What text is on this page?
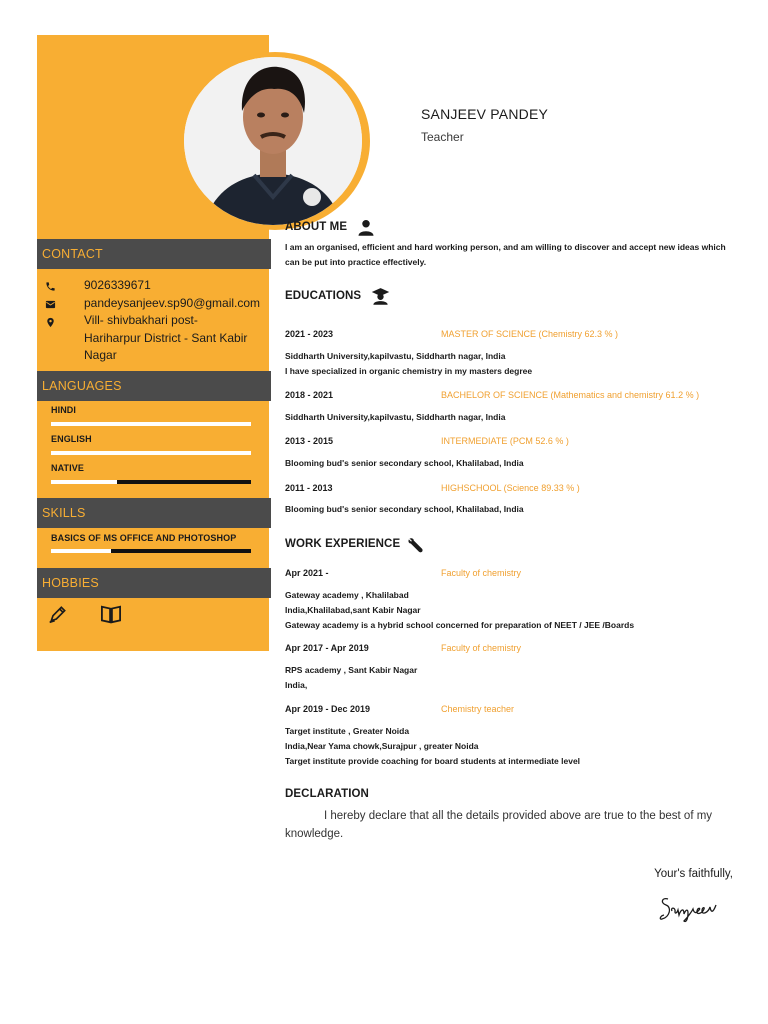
CONTACT
9026339671
pandeysanjeev.sp90@gmail.com
Vill- shivbakhari post-
Hariharpur District - Sant Kabir
Nagar
LANGUAGES
HINDI
ENGLISH
NATIVE
SKILLS
BASICS OF MS OFFICE AND PHOTOSHOP
HOBBIES
SANJEEV PANDEY
Teacher
ABOUT ME
I am an organised, efficient and hard working person, and am willing to discover and accept new ideas which can be put into practice effectively.
EDUCATIONS
2021 - 2023	MASTER OF SCIENCE (Chemistry 62.3 % )
Siddharth University,kapilvastu, Siddharth nagar, India
I have specialized in organic chemistry in my masters degree
2018 - 2021	BACHELOR OF SCIENCE (Mathematics and chemistry 61.2 % )
Siddharth University,kapilvastu, Siddharth nagar, India
2013 - 2015	INTERMEDIATE (PCM 52.6 % )
Blooming bud's senior secondary school, Khalilabad, India
2011 - 2013	HIGHSCHOOL (Science 89.33 % )
Blooming bud's senior secondary school, Khalilabad, India
WORK EXPERIENCE
Apr 2021 -	Faculty of chemistry
Gateway academy , Khalilabad
India,Khalilabad,sant Kabir Nagar
Gateway academy is a hybrid school concerned for preparation of NEET / JEE /Boards
Apr 2017 - Apr 2019	Faculty of chemistry
RPS academy , Sant Kabir Nagar
India,
Apr 2019 - Dec 2019	Chemistry teacher
Target institute , Greater Noida
India,Near Yama chowk,Surajpur , greater Noida
Target institute provide coaching for board students at intermediate level
DECLARATION
I hereby declare that all the details provided above are true to the best of my knowledge.
Your's faithfully,
